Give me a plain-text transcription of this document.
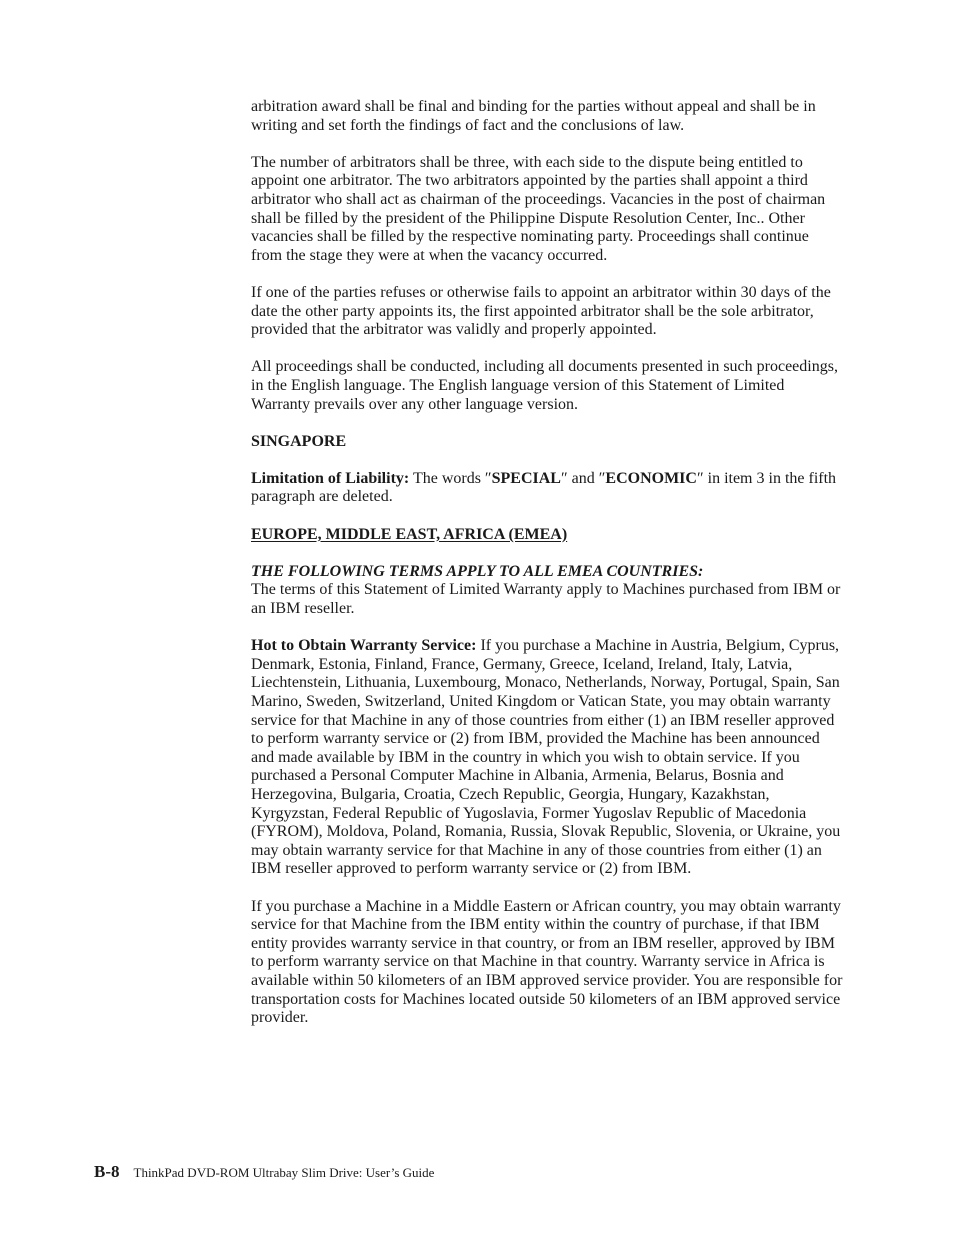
arbitration award shall be final and binding for the parties without appeal and shall be in writing and set forth the findings of fact and the conclusions of law.

The number of arbitrators shall be three, with each side to the dispute being entitled to appoint one arbitrator. The two arbitrators appointed by the parties shall appoint a third arbitrator who shall act as chairman of the proceedings. Vacancies in the post of chairman shall be filled by the president of the Philippine Dispute Resolution Center, Inc.. Other vacancies shall be filled by the respective nominating party. Proceedings shall continue from the stage they were at when the vacancy occurred.

If one of the parties refuses or otherwise fails to appoint an arbitrator within 30 days of the date the other party appoints its, the first appointed arbitrator shall be the sole arbitrator, provided that the arbitrator was validly and properly appointed.

All proceedings shall be conducted, including all documents presented in such proceedings, in the English language. The English language version of this Statement of Limited Warranty prevails over any other language version.

SINGAPORE

Limitation of Liability: The words ″SPECIAL″ and ″ECONOMIC″ in item 3 in the fifth paragraph are deleted.

EUROPE, MIDDLE EAST, AFRICA (EMEA)

THE FOLLOWING TERMS APPLY TO ALL EMEA COUNTRIES:

The terms of this Statement of Limited Warranty apply to Machines purchased from IBM or an IBM reseller.

Hot to Obtain Warranty Service: If you purchase a Machine in Austria, Belgium, Cyprus, Denmark, Estonia, Finland, France, Germany, Greece, Iceland, Ireland, Italy, Latvia, Liechtenstein, Lithuania, Luxembourg, Monaco, Netherlands, Norway, Portugal, Spain, San Marino, Sweden, Switzerland, United Kingdom or Vatican State, you may obtain warranty service for that Machine in any of those countries from either (1) an IBM reseller approved to perform warranty service or (2) from IBM, provided the Machine has been announced and made available by IBM in the country in which you wish to obtain service. If you purchased a Personal Computer Machine in Albania, Armenia, Belarus, Bosnia and Herzegovina, Bulgaria, Croatia, Czech Republic, Georgia, Hungary, Kazakhstan, Kyrgyzstan, Federal Republic of Yugoslavia, Former Yugoslav Republic of Macedonia (FYROM), Moldova, Poland, Romania, Russia, Slovak Republic, Slovenia, or Ukraine, you may obtain warranty service for that Machine in any of those countries from either (1) an IBM reseller approved to perform warranty service or (2) from IBM.

If you purchase a Machine in a Middle Eastern or African country, you may obtain warranty service for that Machine from the IBM entity within the country of purchase, if that IBM entity provides warranty service in that country, or from an IBM reseller, approved by IBM to perform warranty service on that Machine in that country. Warranty service in Africa is available within 50 kilometers of an IBM approved service provider. You are responsible for transportation costs for Machines located outside 50 kilometers of an IBM approved service provider.

B-8 ThinkPad DVD-ROM Ultrabay Slim Drive: User’s Guide
